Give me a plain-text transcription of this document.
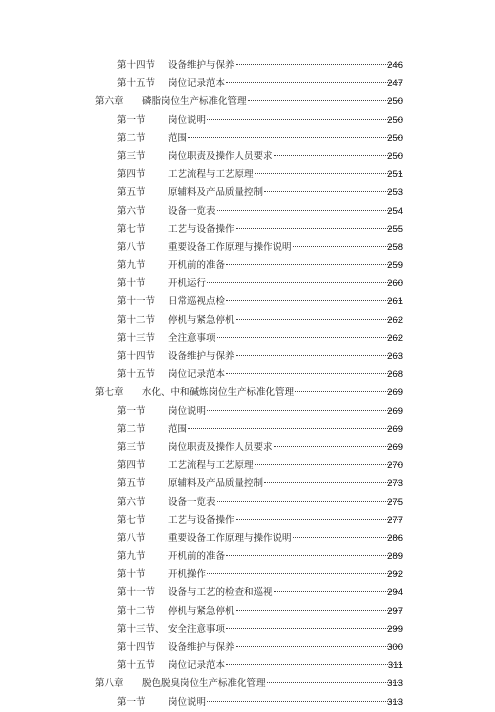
第十四节	设备维护与保养	246
第十五节	岗位记录范本	247
第六章	磷脂岗位生产标准化管理	250
第一节	岗位说明	250
第二节	范围	250
第三节	岗位职责及操作人员要求	250
第四节	工艺流程与工艺原理	251
第五节	原辅料及产品质量控制	253
第六节	设备一览表	254
第七节	工艺与设备操作	255
第八节	重要设备工作原理与操作说明	258
第九节	开机前的准备	259
第十节	开机运行	260
第十一节	日常巡视点检	261
第十二节	停机与紧急停机	262
第十三节	全注意事项	262
第十四节	设备维护与保养	263
第十五节	岗位记录范本	268
第七章	水化、中和碱炼岗位生产标准化管理	269
第一节	岗位说明	269
第二节	范围	269
第三节	岗位职责及操作人员要求	269
第四节	工艺流程与工艺原理	270
第五节	原辅料及产品质量控制	273
第六节	设备一览表	275
第七节	工艺与设备操作	277
第八节	重要设备工作原理与操作说明	286
第九节	开机前的准备	289
第十节	开机操作	292
第十一节	设备与工艺的检查和巡视	294
第十二节	停机与紧急停机	297
第十三节、 安全注意事项	299
第十四节	设备维护与保养	300
第十五节	岗位记录范本	311
第八章	脱色脱臭岗位生产标准化管理	313
第一节	岗位说明	313
